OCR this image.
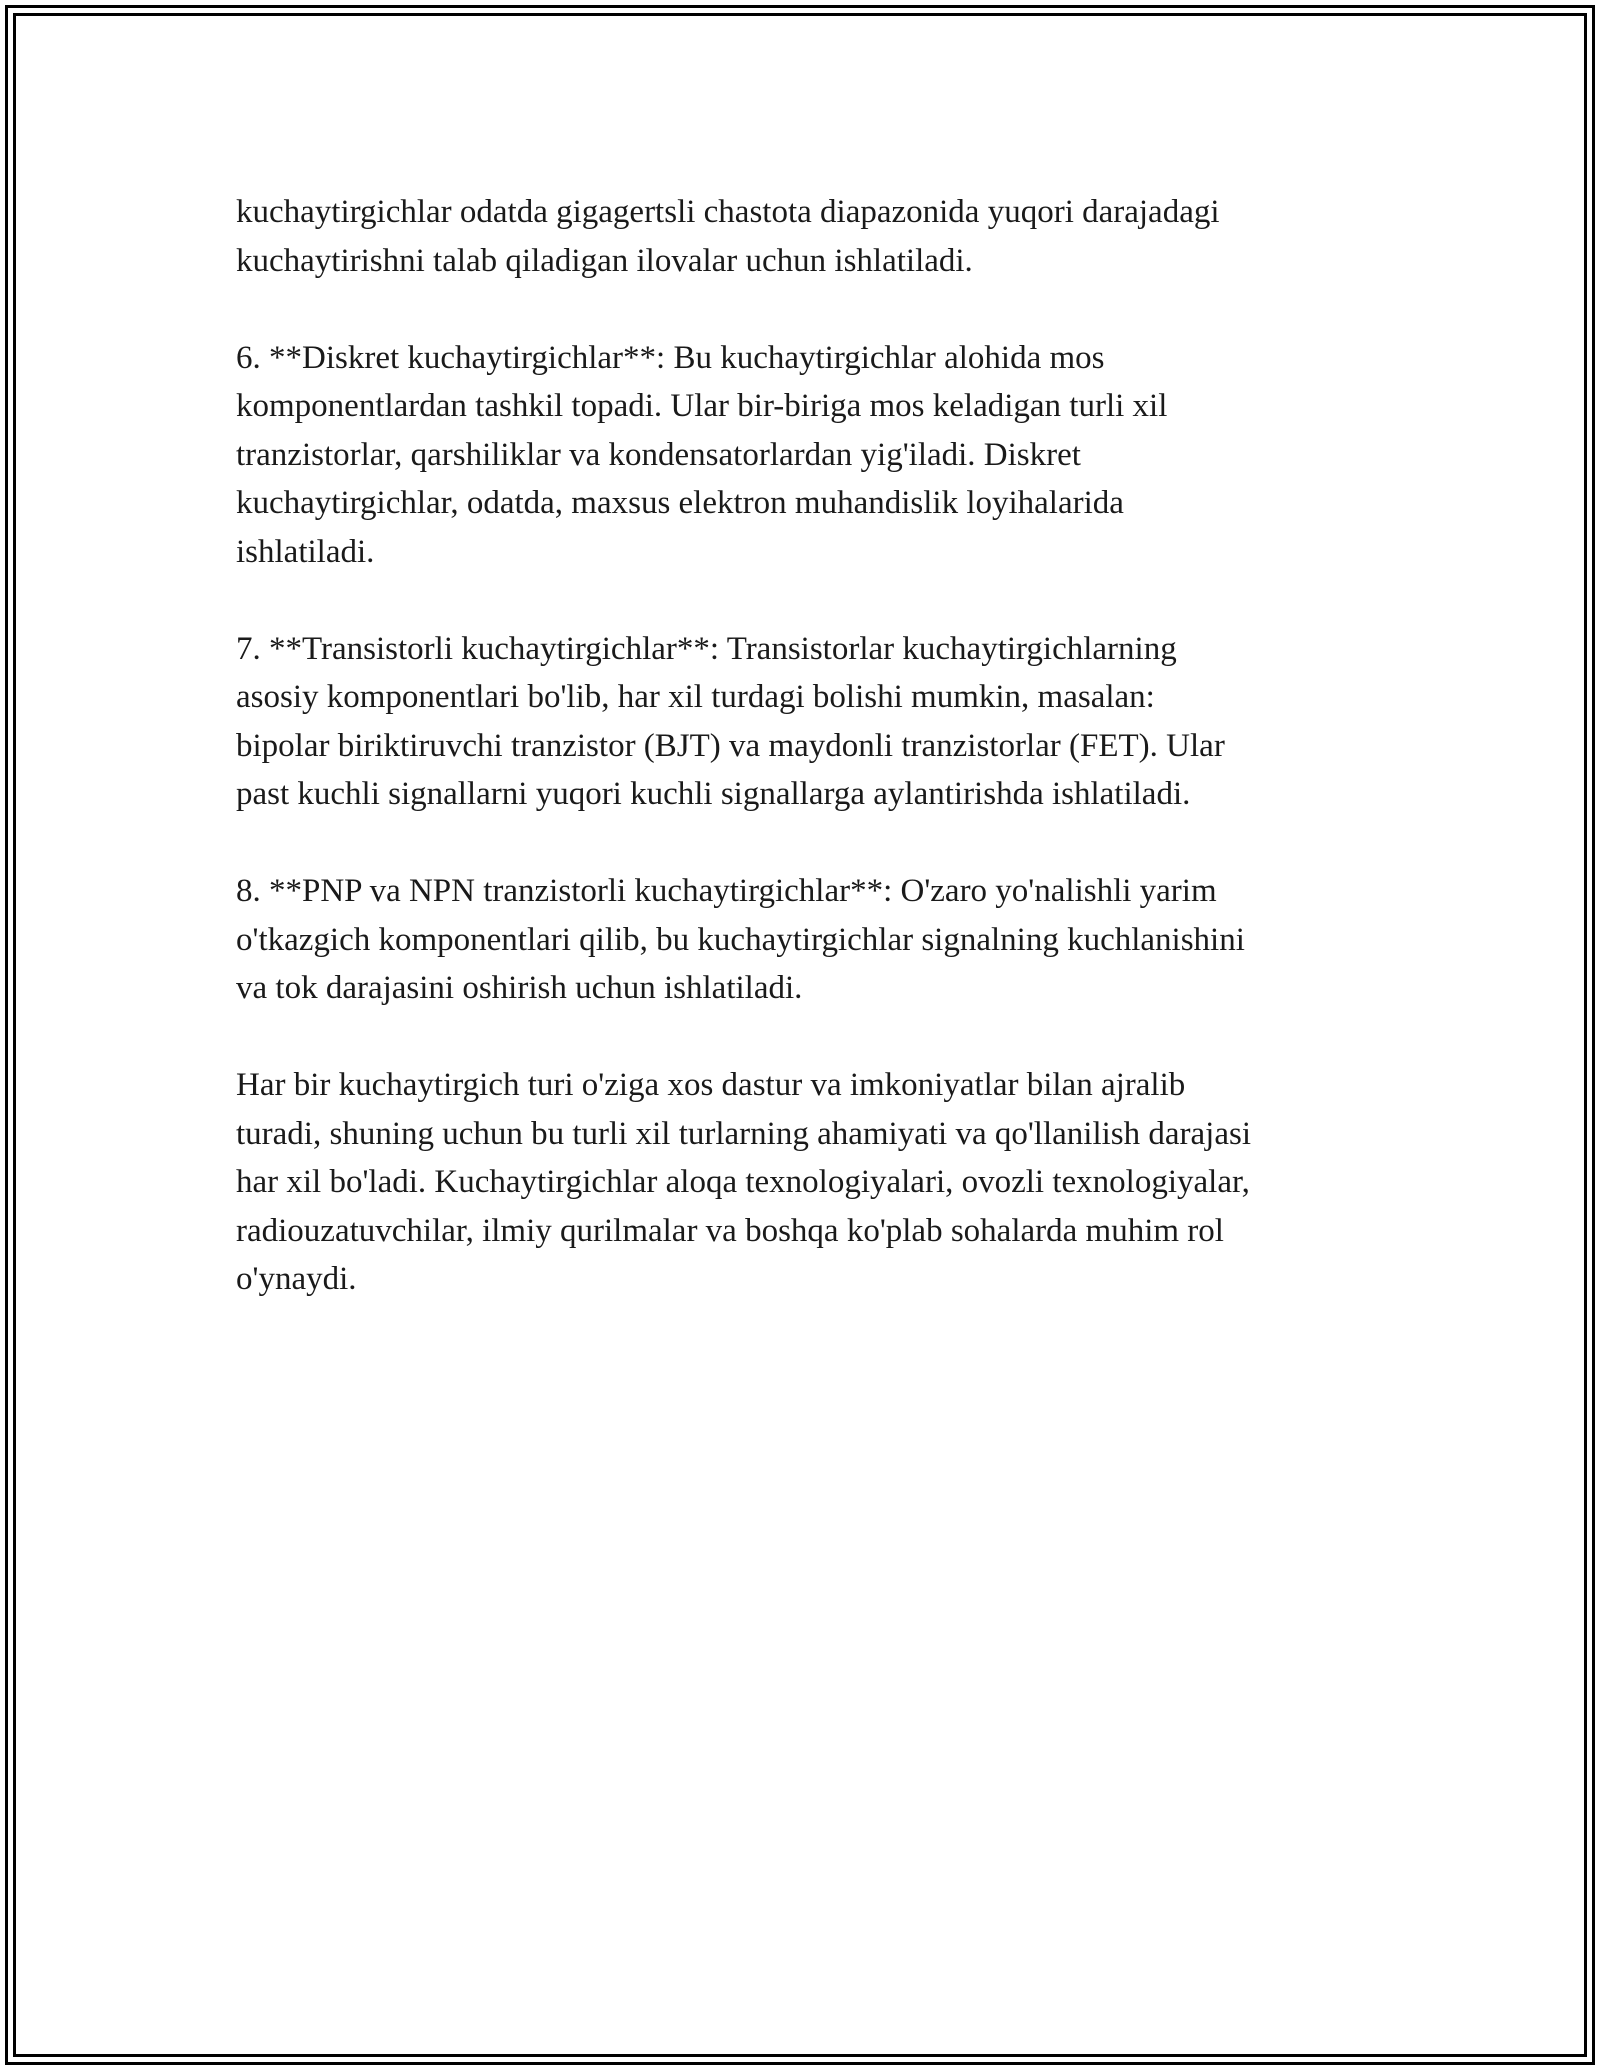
kuchaytirgichlar odatda gigagertsli chastota diapazonida yuqori darajadagi
kuchaytirishni talab qiladigan ilovalar uchun ishlatiladi.

6. **Diskret kuchaytirgichlar**: Bu kuchaytirgichlar alohida mos
komponentlardan tashkil topadi. Ular bir-biriga mos keladigan turli xil
tranzistorlar, qarshiliklar va kondensatorlardan yig'iladi. Diskret
kuchaytirgichlar, odatda, maxsus elektron muhandislik loyihalarida
ishlatiladi.

7. **Transistorli kuchaytirgichlar**: Transistorlar kuchaytirgichlarning
asosiy komponentlari bo'lib, har xil turdagi bolishi mumkin, masalan:
bipolar biriktiruvchi tranzistor (BJT) va maydonli tranzistorlar (FET). Ular
past kuchli signallarni yuqori kuchli signallarga aylantirishda ishlatiladi.

8. **PNP va NPN tranzistorli kuchaytirgichlar**: O'zaro yo'nalishli yarim
o'tkazgich komponentlari qilib, bu kuchaytirgichlar signalning kuchlanishini
va tok darajasini oshirish uchun ishlatiladi.

Har bir kuchaytirgich turi o'ziga xos dastur va imkoniyatlar bilan ajralib
turadi, shuning uchun bu turli xil turlarning ahamiyati va qo'llanilish darajasi
har xil bo'ladi. Kuchaytirgichlar aloqa texnologiyalari, ovozli texnologiyalar,
radiouzatuvchilar, ilmiy qurilmalar va boshqa ko'plab sohalarda muhim rol
o'ynaydi.
